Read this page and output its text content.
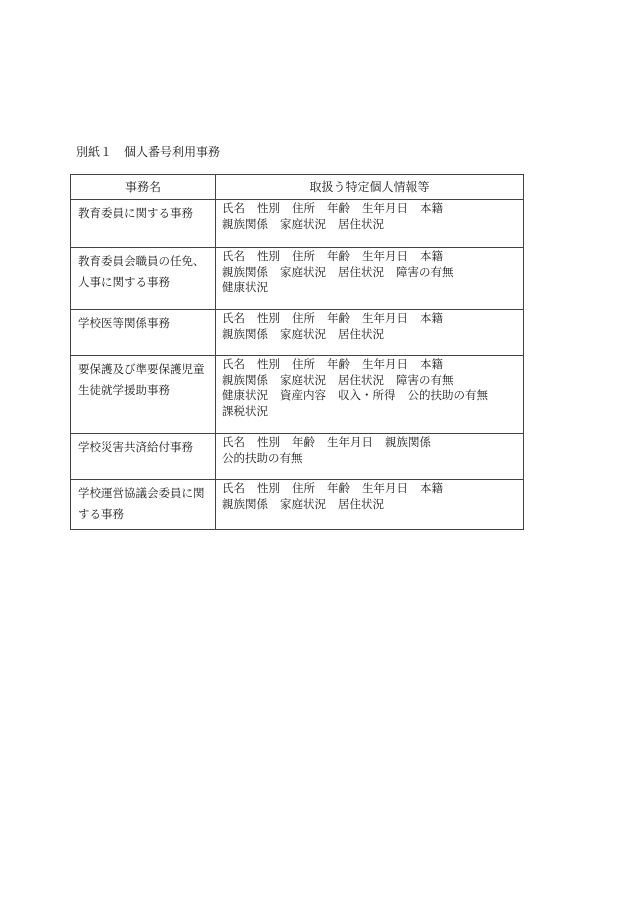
別紙１　個人番号利用事務
事務名	取扱う特定個人情報等
教育委員に関する事務	氏名 性別 住所 年齢 生年月日 本籍
親族関係 家庭状況 居住状況

教育委員会職員の任免、人事に関する事務	氏名 性別 住所 年齢 生年月日 本籍
親族関係 家庭状況 居住状況 障害の有無
健康状況

学校医等関係事務	氏名 性別 住所 年齢 生年月日 本籍
親族関係 家庭状況 居住状況

要保護及び準要保護児童生徒就学援助事務	氏名 性別 住所 年齢 生年月日 本籍
親族関係 家庭状況 居住状況 障害の有無
健康状況 資産内容 収入・所得 公的扶助の有無
課税状況

学校災害共済給付事務	氏名 性別 年齢 生年月日 親族関係
公的扶助の有無

学校運営協議会委員に関する事務	氏名 性別 住所 年齢 生年月日 本籍
親族関係 家庭状況 居住状況
